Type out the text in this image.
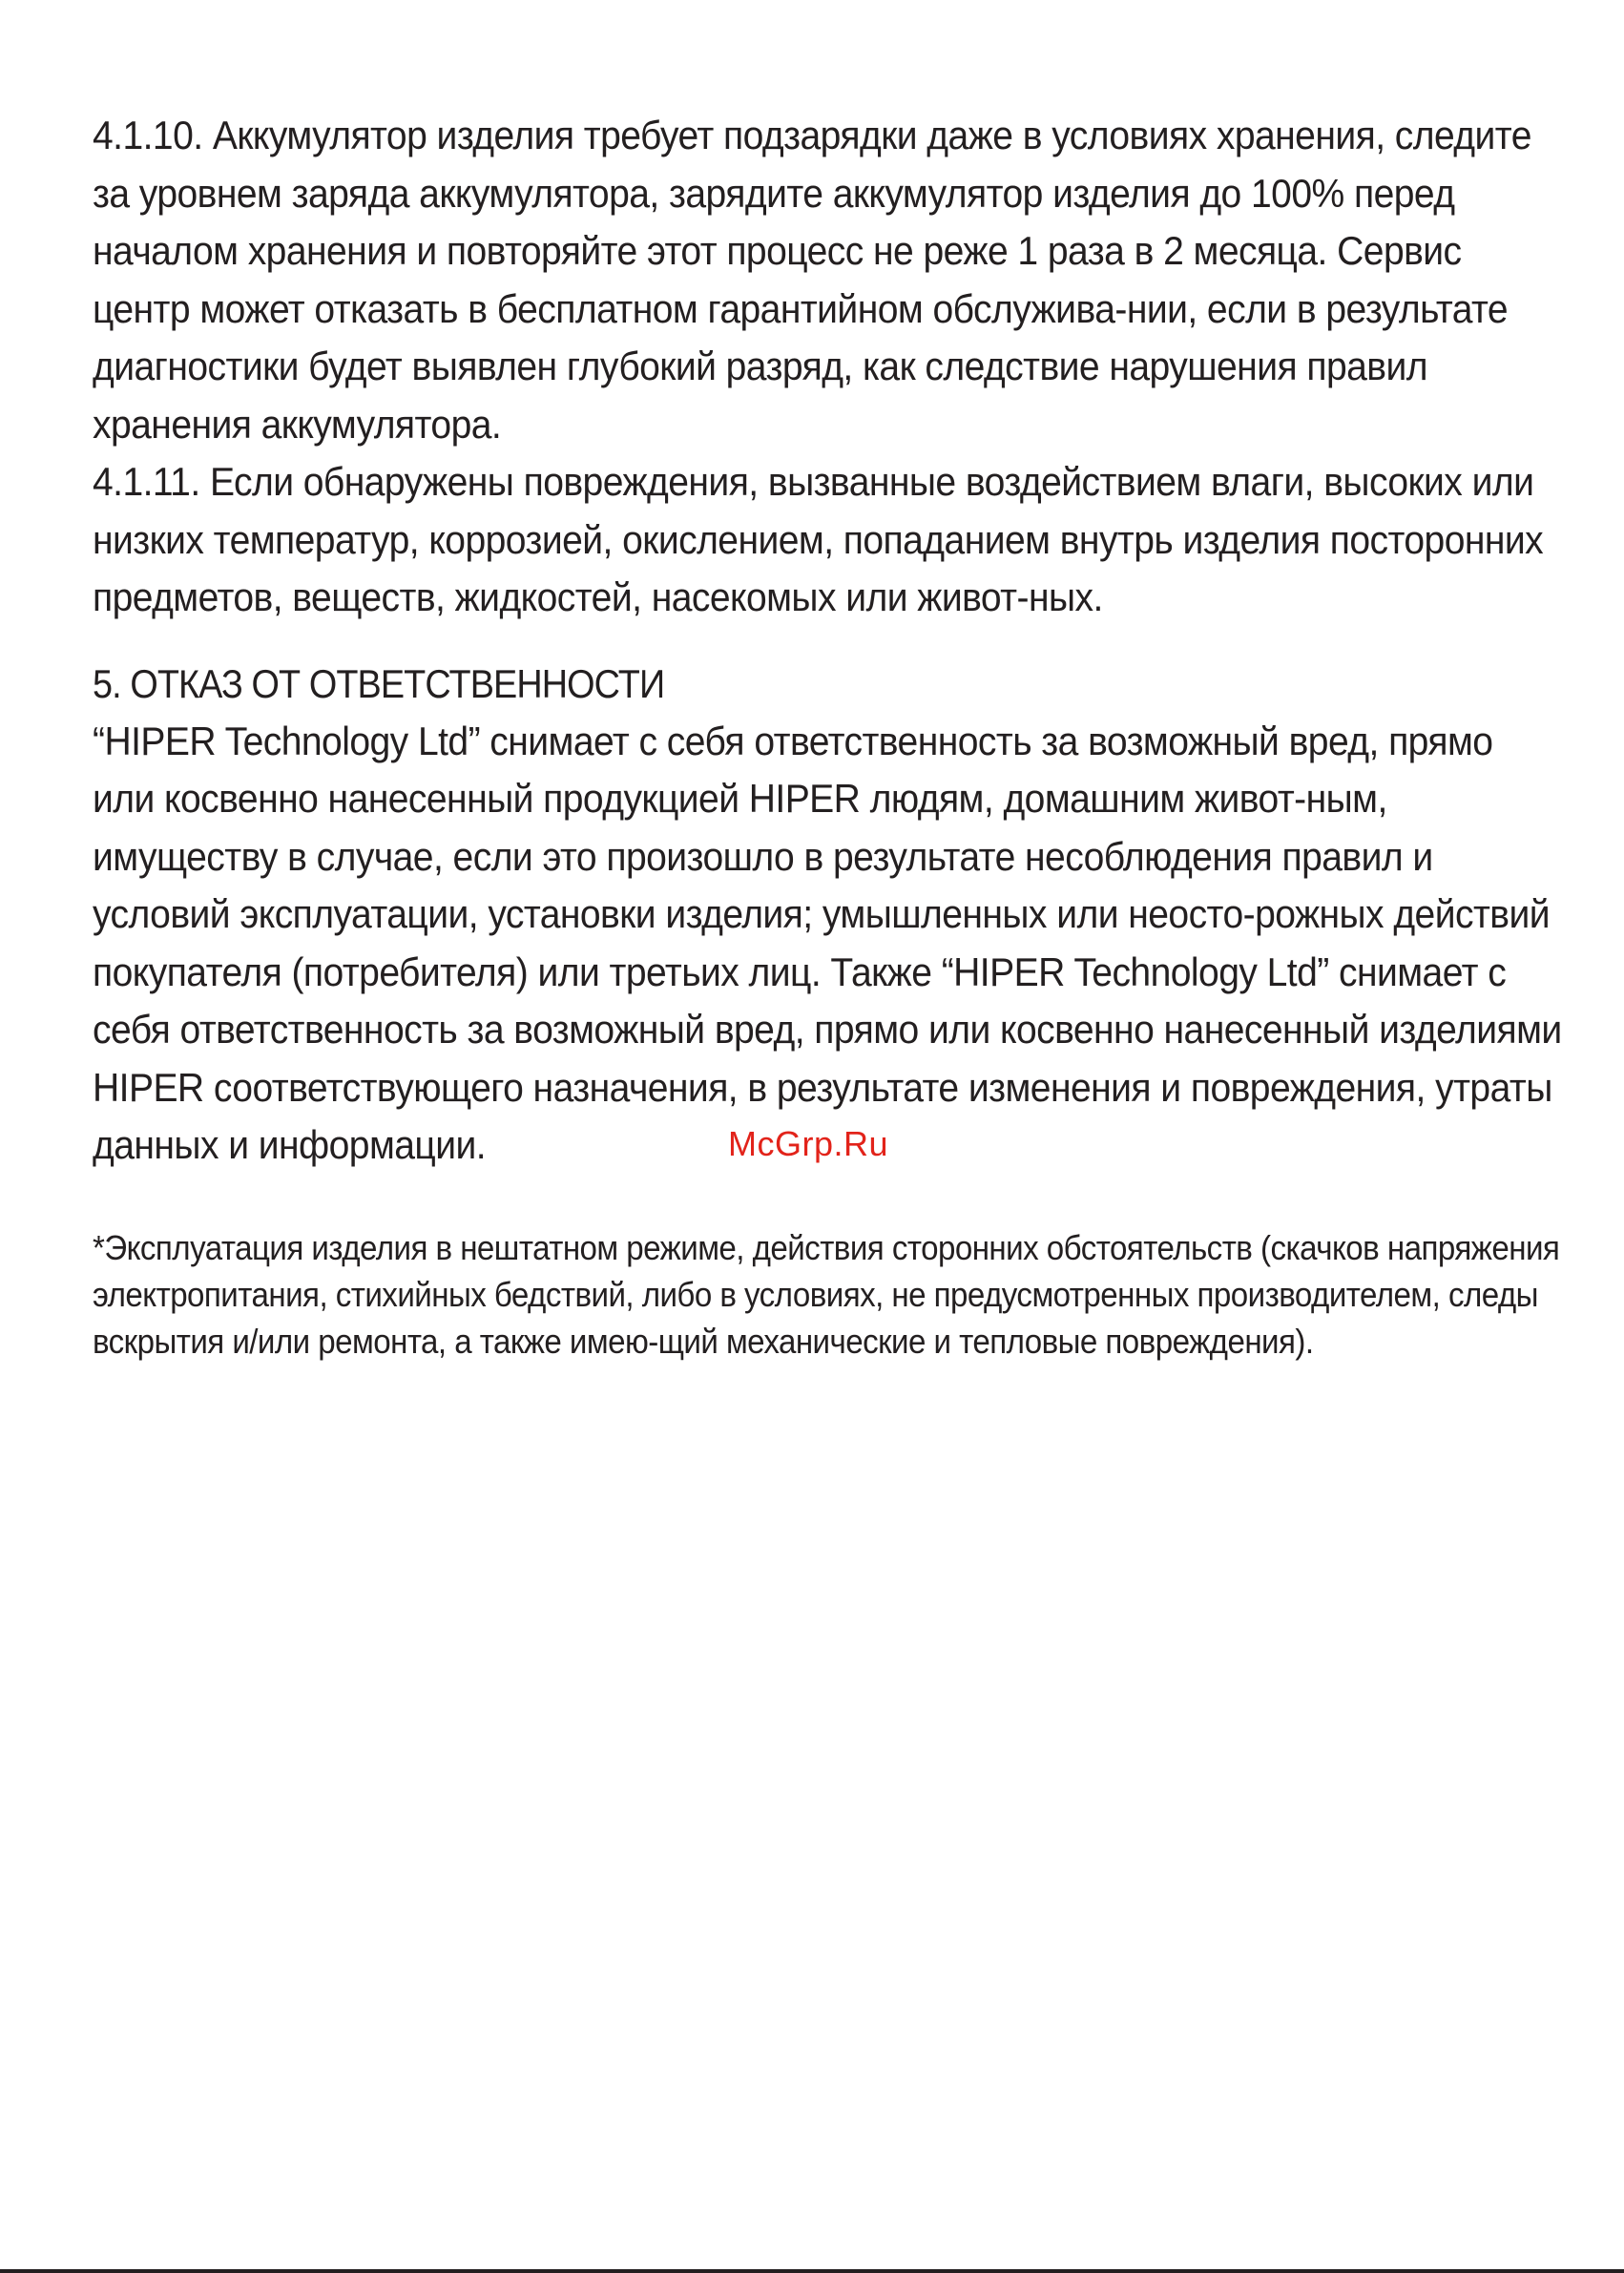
4.1.10. Аккумулятор изделия требует подзарядки даже в условиях хранения, следите за уровнем заряда аккумулятора, зарядите аккумулятор изделия до 100% перед началом хранения и повторяйте этот процесс не реже 1 раза в 2 месяца. Сервис центр может отказать в бесплатном гарантийном обслужива-нии, если в результате диагностики будет выявлен глубокий разряд, как следствие нарушения правил хранения аккумулятора.

4.1.11. Если обнаружены повреждения, вызванные воздействием влаги, высоких или низких температур, коррозией, окислением, попаданием внутрь изделия посторонних предметов, веществ, жидкостей, насекомых или живот-ных.

5. ОТКАЗ ОТ ОТВЕТСТВЕННОСТИ

“HIPER Technology Ltd” снимает с себя ответственность за возможный вред, прямо или косвенно нанесенный продукцией HIPER людям, домашним живот-ным, имуществу в случае, если это произошло в результате несоблюдения правил и условий эксплуатации, установки изделия; умышленных или неосто-рожных действий покупателя (потребителя) или третьих лиц. Также “HIPER Technology Ltd” снимает с себя ответственность за возможный вред, прямо или косвенно нанесенный изделиями HIPER соответствующего назначения, в результате изменения и повреждения, утраты данных и информации.

*Эксплуатация изделия в нештатном режиме, действия сторонних обстоятельств (скачков напряжения электропитания, стихийных бедствий, либо в условиях, не предусмотренных производителем, следы вскрытия и/или ремонта, а также имею-щий механические и тепловые повреждения).

McGrp.Ru
